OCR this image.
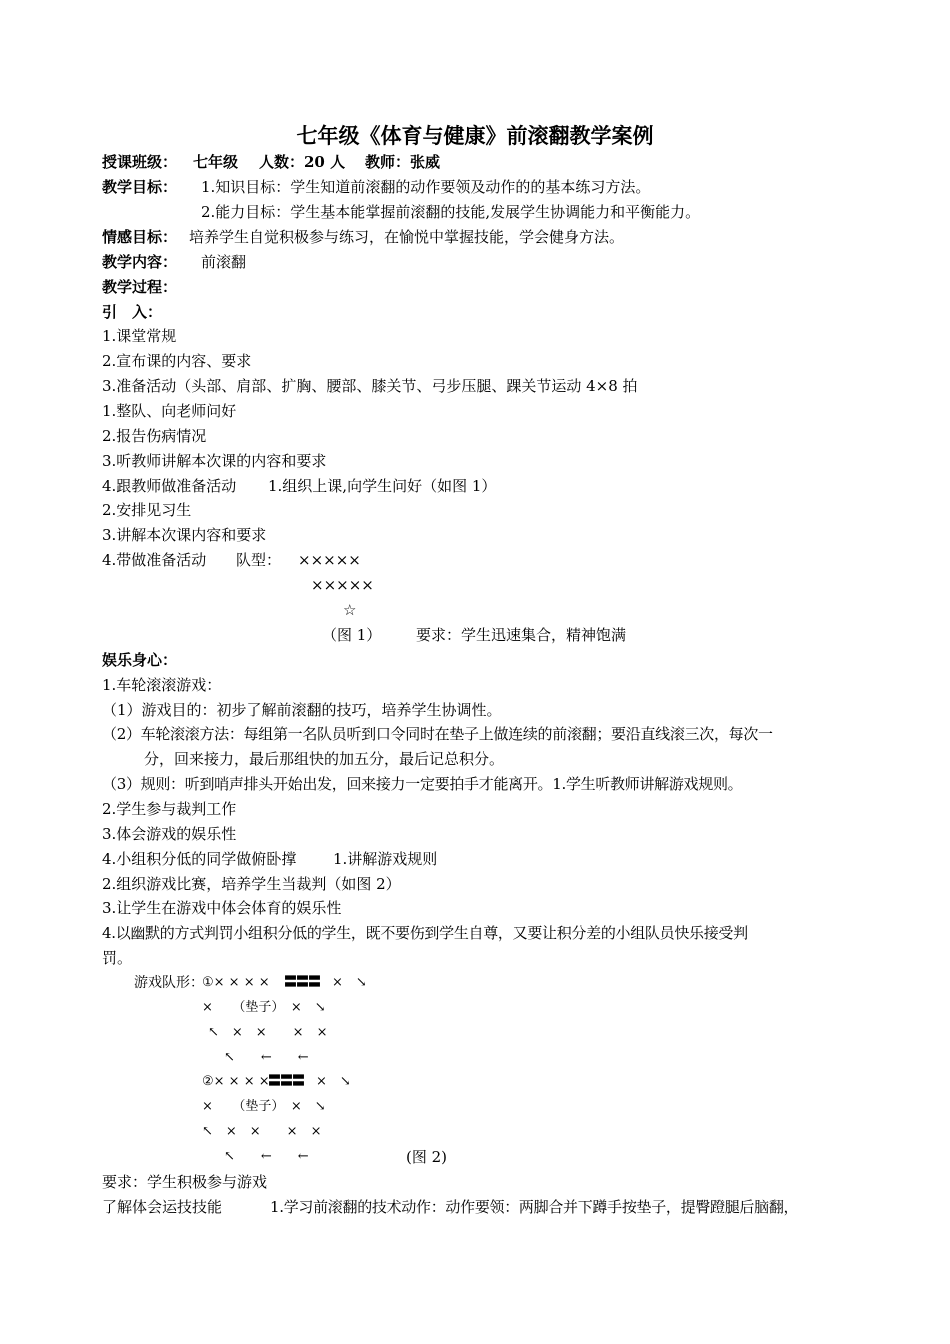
七年级《体育与健康》前滚翻教学案例
授课班级： 七年级 人数：20 人 教师：张威
教学目标： 1.知识目标：学生知道前滚翻的动作要领及动作的的基本练习方法。
2.能力目标：学生基本能掌握前滚翻的技能,发展学生协调能力和平衡能力。
情感目标： 培养学生自觉积极参与练习，在愉悦中掌握技能，学会健身方法。
教学内容： 前滚翻
教学过程：
引　入：
1.课堂常规
2.宣布课的内容、要求
3.准备活动（头部、肩部、扩胸、腰部、膝关节、弓步压腿、踝关节运动 4×8 拍
1.整队、向老师问好
2.报告伤病情况
3.听教师讲解本次课的内容和要求
4.跟教师做准备活动 1.组织上课,向学生问好（如图 1）
2.安排见习生
3.讲解本次课内容和要求
4.带做准备活动 队型： ×××××
×××××
☆
（图 1） 要求：学生迅速集合，精神饱满
娱乐身心：
1.车轮滚滚游戏：
（1）游戏目的：初步了解前滚翻的技巧，培养学生协调性。
（2）车轮滚滚方法：每组第一名队员听到口令同时在垫子上做连续的前滚翻；要沿直线滚三次，每次一
分，回来接力，最后那组快的加五分，最后记总积分。
（3）规则：听到哨声排头开始出发，回来接力一定要拍手才能离开。1.学生听教师讲解游戏规则。
2.学生参与裁判工作
3.体会游戏的娱乐性
4.小组积分低的同学做俯卧撑 1.讲解游戏规则
2.组织游戏比赛，培养学生当裁判（如图 2）
3.让学生在游戏中体会体育的娱乐性
4.以幽默的方式判罚小组积分低的学生，既不要伤到学生自尊，又要让积分差的小组队员快乐接受判
罚。
游戏队形：
①× × × × 〓〓〓 ×　↘
×　　（垫子）　×　↘
↖　×　×　　×　×
↖　　←　　←
②× × × ×
〓〓〓 ×　↘
×　　（垫子）　×　↘
↖　×　×　　×　×
↖　　←　　←	(图 2)
要求：学生积极参与游戏
了解体会运技技能	1.学习前滚翻的技术动作：动作要领：两脚合并下蹲手按垫子，提臀蹬腿后脑翻，
